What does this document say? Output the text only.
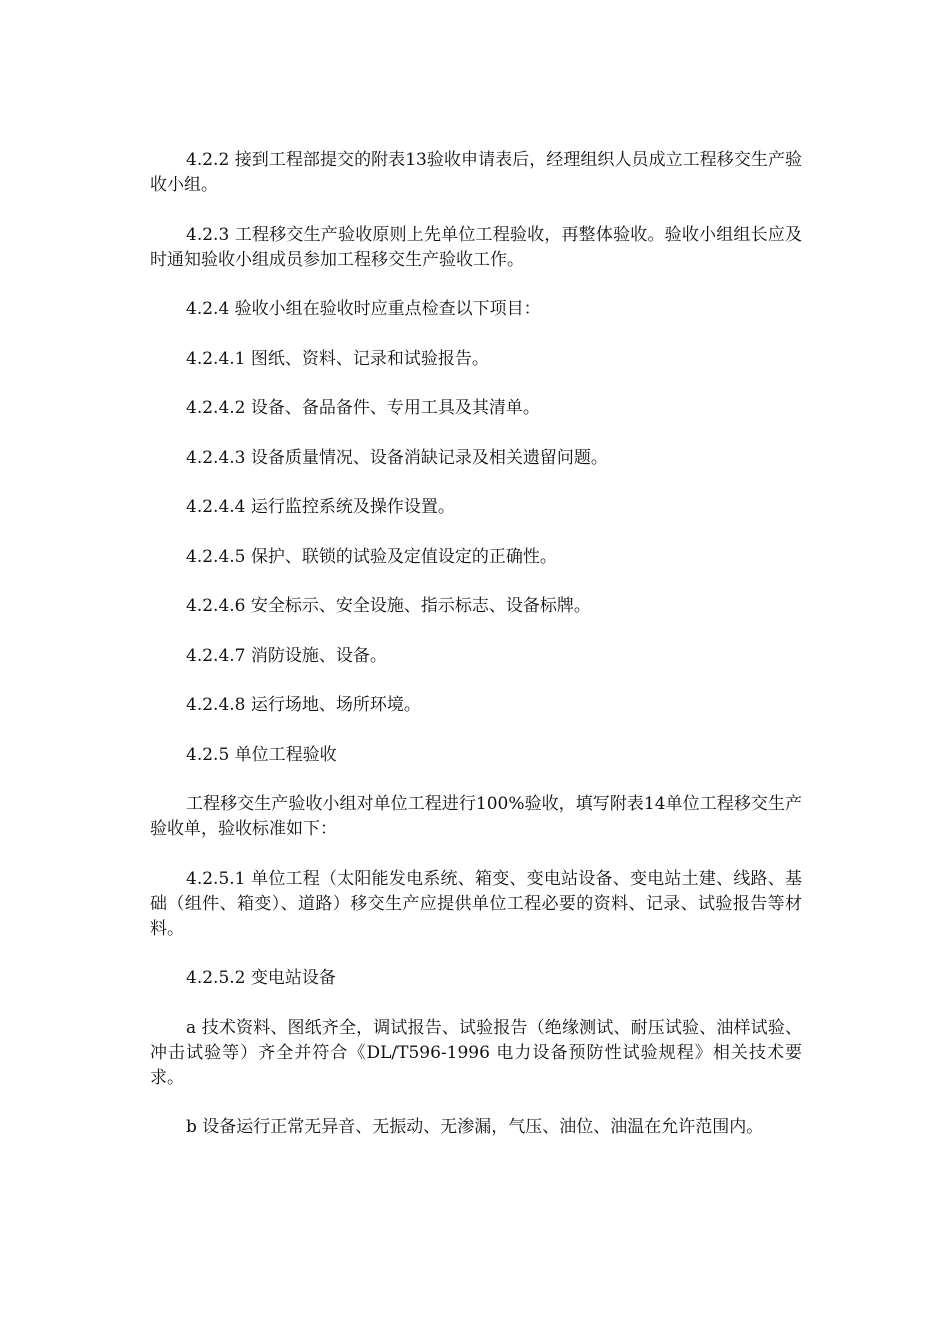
4.2.2 接到工程部提交的附表13验收申请表后，经理组织人员成立工程移交生产验收小组。

4.2.3 工程移交生产验收原则上先单位工程验收，再整体验收。验收小组组长应及时通知验收小组成员参加工程移交生产验收工作。

4.2.4 验收小组在验收时应重点检查以下项目：

4.2.4.1 图纸、资料、记录和试验报告。

4.2.4.2 设备、备品备件、专用工具及其清单。

4.2.4.3 设备质量情况、设备消缺记录及相关遗留问题。

4.2.4.4 运行监控系统及操作设置。

4.2.4.5 保护、联锁的试验及定值设定的正确性。

4.2.4.6 安全标示、安全设施、指示标志、设备标牌。

4.2.4.7 消防设施、设备。

4.2.4.8 运行场地、场所环境。

4.2.5 单位工程验收

工程移交生产验收小组对单位工程进行100%验收，填写附表14单位工程移交生产验收单，验收标准如下：

4.2.5.1 单位工程（太阳能发电系统、箱变、变电站设备、变电站土建、线路、基础（组件、箱变）、道路）移交生产应提供单位工程必要的资料、记录、试验报告等材料。

4.2.5.2 变电站设备

a 技术资料、图纸齐全，调试报告、试验报告（绝缘测试、耐压试验、油样试验、冲击试验等）齐全并符合《DL/T596-1996 电力设备预防性试验规程》相关技术要求。

b 设备运行正常无异音、无振动、无渗漏，气压、油位、油温在允许范围内。
